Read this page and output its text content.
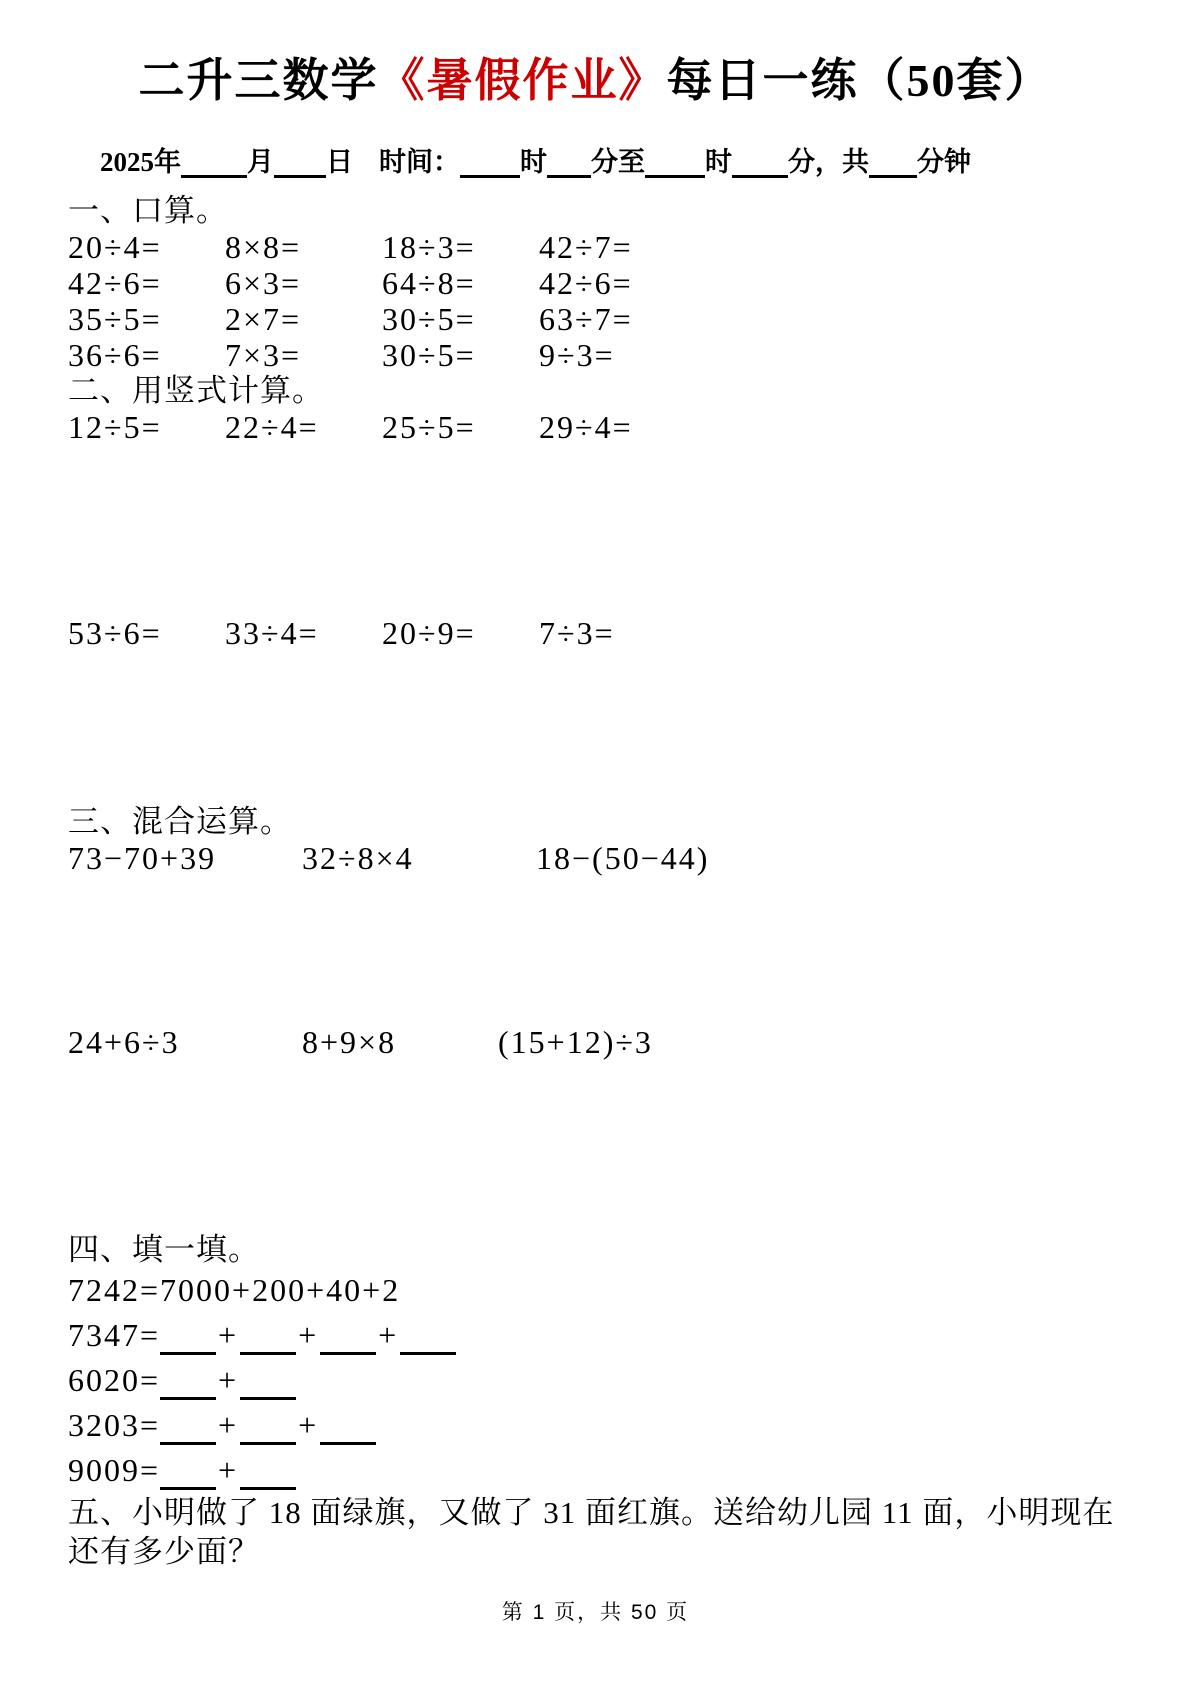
二升三数学《暑假作业》每日一练（50套）
2025年 月 日 时间： 时 分至 时 分，共 分钟
一、口算。
20÷4=	8×8=	18÷3=	42÷7=
42÷6=	6×3=	64÷8=	42÷6=
35÷5=	2×7=	30÷5=	63÷7=
36÷6=	7×3=	30÷5=	9÷3=
二、用竖式计算。
12÷5=	22÷4=	25÷5=	29÷4=
53÷6=	33÷4=	20÷9=	7÷3=
三、混合运算。
73−70+39	32÷8×4	18−(50−44)
24+6÷3	8+9×8	(15+12)÷3
四、填一填。
7242=7000+200+40+2
7347= + + +
6020= +
3203= + +
9009= +
五、小明做了 18 面绿旗，又做了 31 面红旗。送给幼儿园 11 面，小明现在还有多少面？
第 1 页，共 50 页
